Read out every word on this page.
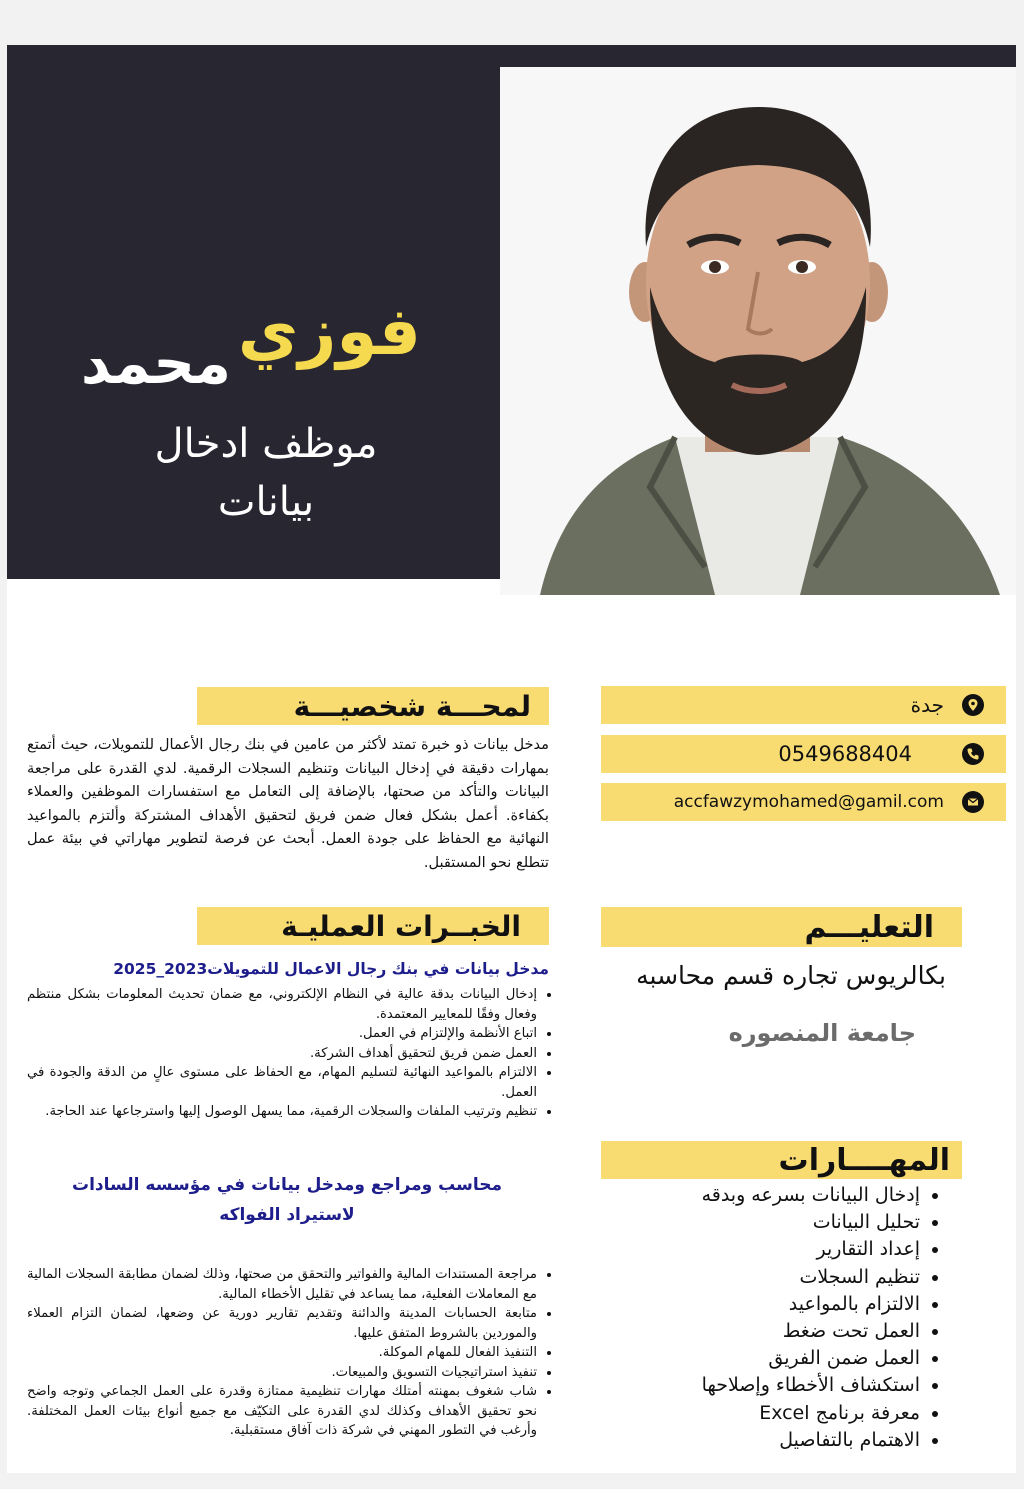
فوزي
محمد
موظف ادخال بيانات
جدة
0549688404
accfawzymohamed@gamil.com
لمحـــة شخصيـــة
مدخل بيانات ذو خبرة تمتد لأكثر من عامين في بنك رجال الأعمال للتمويلات، حيث أتمتع بمهارات دقيقة في إدخال البيانات وتنظيم السجلات الرقمية. لدي القدرة على مراجعة البيانات والتأكد من صحتها، بالإضافة إلى التعامل مع استفسارات الموظفين والعملاء بكفاءة. أعمل بشكل فعال ضمن فريق لتحقيق الأهداف المشتركة وألتزم بالمواعيد النهائية مع الحفاظ على جودة العمل. أبحث عن فرصة لتطوير مهاراتي في بيئة عمل تتطلع نحو المستقبل.
الخبــرات العمليـة
مدخل بيانات في بنك رجال الاعمال للتمويلات2023_2025
• إدخال البيانات بدقة عالية في النظام الإلكتروني، مع ضمان تحديث المعلومات بشكل منتظم وفعال وفقًا للمعايير المعتمدة.
• اتباع الأنظمة والإلتزام في العمل.
• العمل ضمن فريق لتحقيق أهداف الشركة.
• الالتزام بالمواعيد النهائية لتسليم المهام، مع الحفاظ على مستوى عالٍ من الدقة والجودة في العمل.
• تنظيم وترتيب الملفات والسجلات الرقمية، مما يسهل الوصول إليها واسترجاعها عند الحاجة.
محاسب ومراجع ومدخل بيانات في مؤسسه السادات لاستيراد الفواكه
• مراجعة المستندات المالية والفواتير والتحقق من صحتها، وذلك لضمان مطابقة السجلات المالية مع المعاملات الفعلية، مما يساعد في تقليل الأخطاء المالية.
• متابعة الحسابات المدينة والدائنة وتقديم تقارير دورية عن وضعها، لضمان التزام العملاء والموردين بالشروط المتفق عليها.
• التنفيذ الفعال للمهام الموكلة.
• تنفيذ استراتيجيات التسويق والمبيعات.
• شاب شغوف بمهنته أمتلك مهارات تنظيمية ممتازة وقدرة على العمل الجماعي وتوجه واضح نحو تحقيق الأهداف وكذلك لدي القدرة على التكيّف مع جميع أنواع بيئات العمل المختلفة. وأرغب في التطور المهني في شركة ذات آفاق مستقبلية.
التعليـــم
بكالريوس تجاره قسم محاسبه
جامعة المنصوره
المهــــارات
• إدخال البيانات بسرعه وبدقه
• تحليل البيانات
• إعداد التقارير
• تنظيم السجلات
• الالتزام بالمواعيد
• العمل تحت ضغط
• العمل ضمن الفريق
• استكشاف الأخطاء وإصلاحها
• معرفة برنامج Excel
• الاهتمام بالتفاصيل
